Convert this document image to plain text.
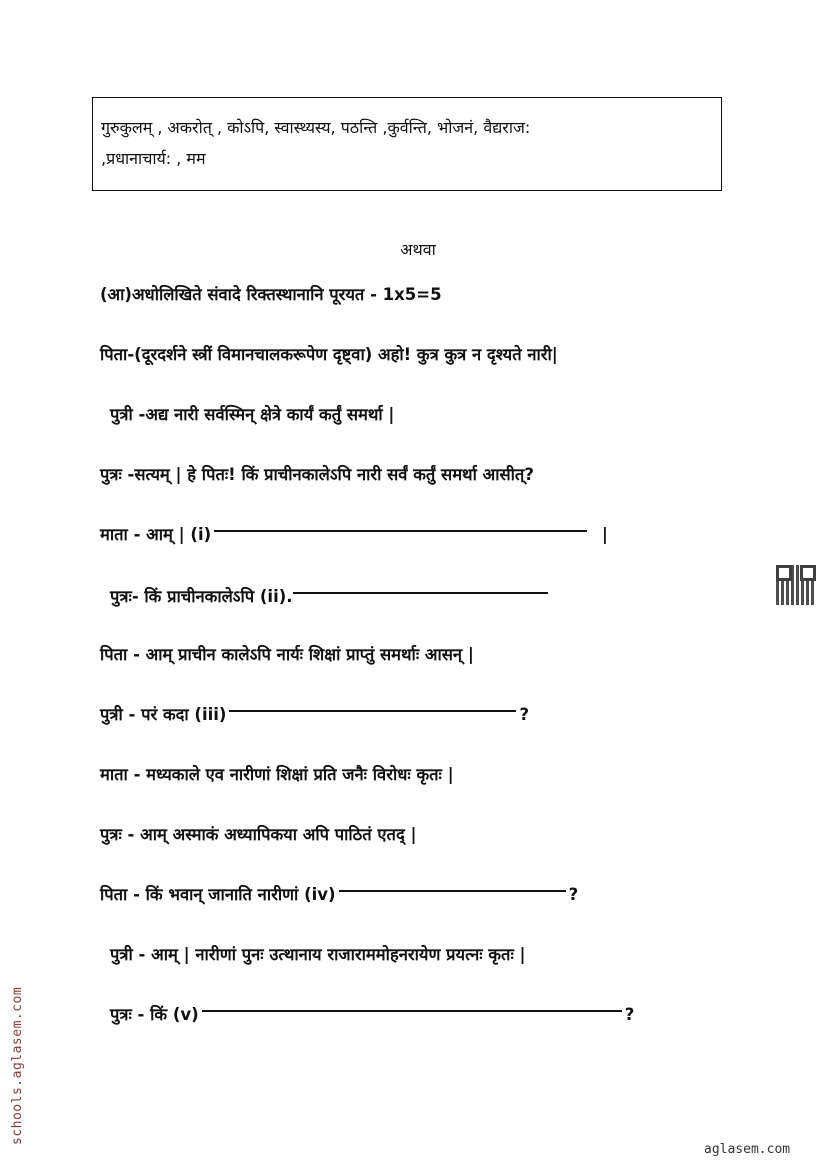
गुरुकुलम् , अकरोत् , कोऽपि, स्वास्थ्यस्य, पठन्ति ,कुर्वन्ति, भोजनं, वैद्यराज:
,प्रधानाचार्य: , मम
अथवा
(आ)अधोलिखिते संवादे रिक्तस्थानानि पूरयत - 1x5=5
पिता-(दूरदर्शने स्त्रीं विमानचालकरूपेण दृष्ट्वा) अहो! कुत्र कुत्र न दृश्यते नारी|
पुत्री -अद्य नारी सर्वस्मिन् क्षेत्रे कार्यं कर्तुं समर्था |
पुत्रः -सत्यम् | हे पितः! किं प्राचीनकालेऽपि नारी सर्वं कर्तुं समर्था आसीत्?
माता - आम् | (i)	|
पुत्रः- किं प्राचीनकालेऽपि (ii).
पिता - आम् प्राचीन कालेऽपि नार्यः शिक्षां प्राप्तुं समर्थाः आसन् |
पुत्री - परं कदा (iii)	?
माता - मध्यकाले एव नारीणां शिक्षां प्रति जनैः विरोधः कृतः |
पुत्रः - आम् अस्माकं अध्यापिकया अपि पाठितं एतद् |
पिता - किं भवान् जानाति नारीणां (iv)	?
पुत्री - आम् | नारीणां पुनः उत्थानाय राजाराममोहनरायेण प्रयत्नः कृतः |
पुत्रः - किं (v)	?
schools.aglasem.com
aglasem.com
